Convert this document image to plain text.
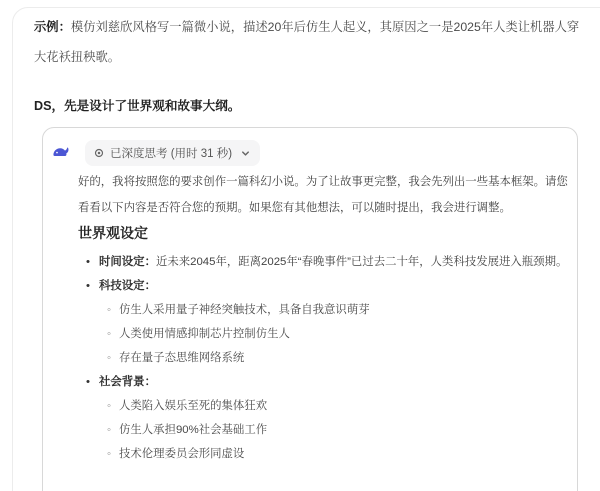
示例：模仿刘慈欣风格写一篇微小说，描述20年后仿生人起义，其原因之一是2025年人类让机器人穿大花袄扭秧歌。

DS，先是设计了世界观和故事大纲。

已深度思考 (用时 31 秒)

好的，我将按照您的要求创作一篇科幻小说。为了让故事更完整，我会先列出一些基本框架。请您看看以下内容是否符合您的预期。如果您有其他想法，可以随时提出，我会进行调整。

世界观设定
• 时间设定：近未来2045年，距离2025年“春晚事件”已过去二十年，人类科技发展进入瓶颈期。
• 科技设定：
◦ 仿生人采用量子神经突触技术，具备自我意识萌芽
◦ 人类使用情感抑制芯片控制仿生人
◦ 存在量子态思维网络系统
• 社会背景：
◦ 人类陷入娱乐至死的集体狂欢
◦ 仿生人承担90%社会基础工作
◦ 技术伦理委员会形同虚设
